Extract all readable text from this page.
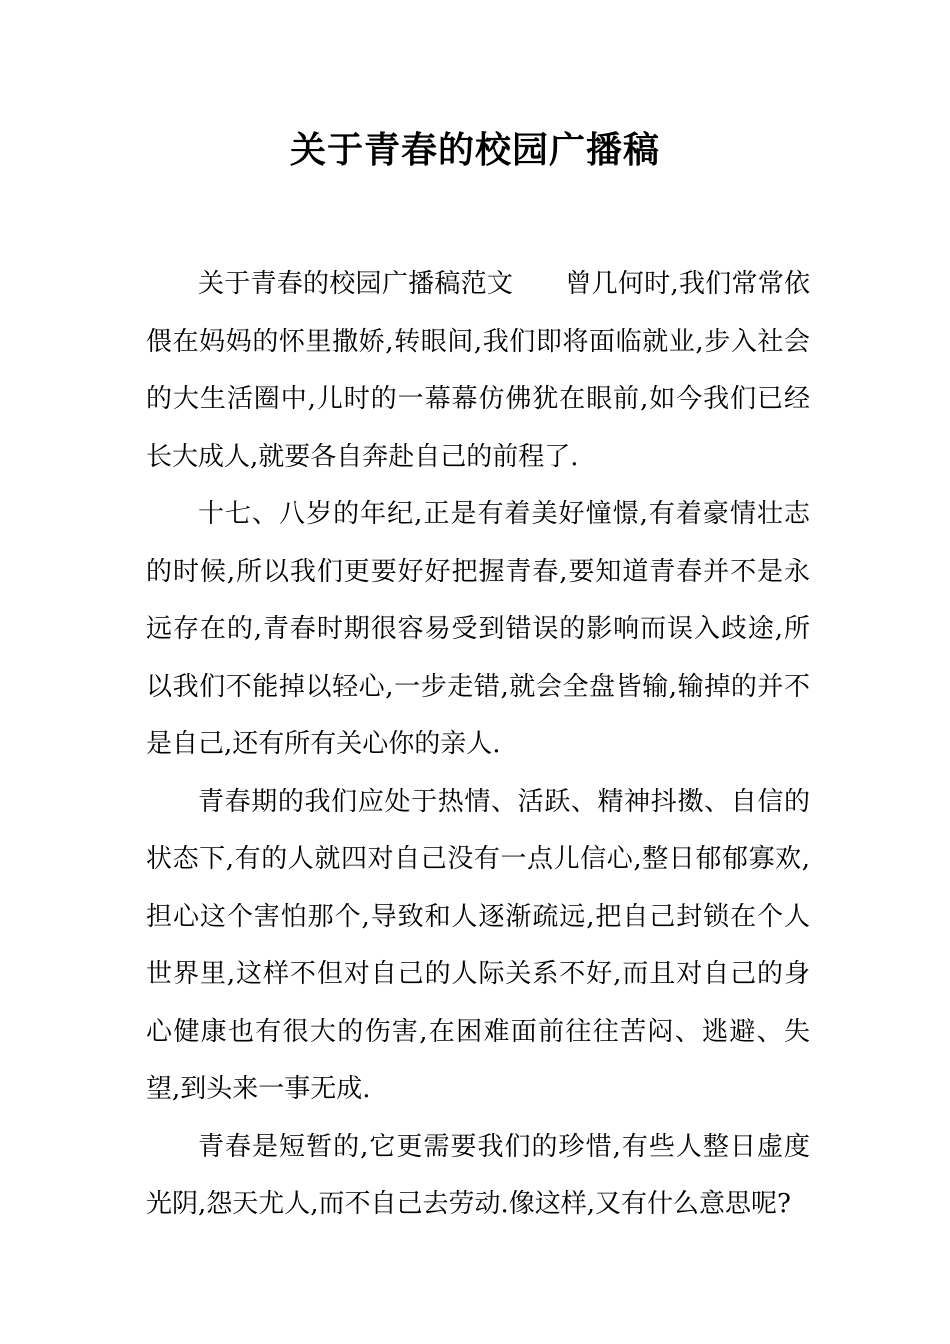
关于青春的校园广播稿

关于青春的校园广播稿范文 曾几何时,我们常常依偎在妈妈的怀里撒娇,转眼间,我们即将面临就业,步入社会的大生活圈中,儿时的一幕幕仿佛犹在眼前,如今我们已经长大成人,就要各自奔赴自己的前程了.

十七、八岁的年纪,正是有着美好憧憬,有着豪情壮志的时候,所以我们更要好好把握青春,要知道青春并不是永远存在的,青春时期很容易受到错误的影响而误入歧途,所以我们不能掉以轻心,一步走错,就会全盘皆输,输掉的并不是自己,还有所有关心你的亲人.

青春期的我们应处于热情、活跃、精神抖擞、自信的状态下,有的人就四对自己没有一点儿信心,整日郁郁寡欢,担心这个害怕那个,导致和人逐渐疏远,把自己封锁在个人世界里,这样不但对自己的人际关系不好,而且对自己的身心健康也有很大的伤害,在困难面前往往苦闷、逃避、失望,到头来一事无成.

青春是短暂的,它更需要我们的珍惜,有些人整日虚度光阴,怨天尤人,而不自己去劳动.像这样,又有什么意思呢?
